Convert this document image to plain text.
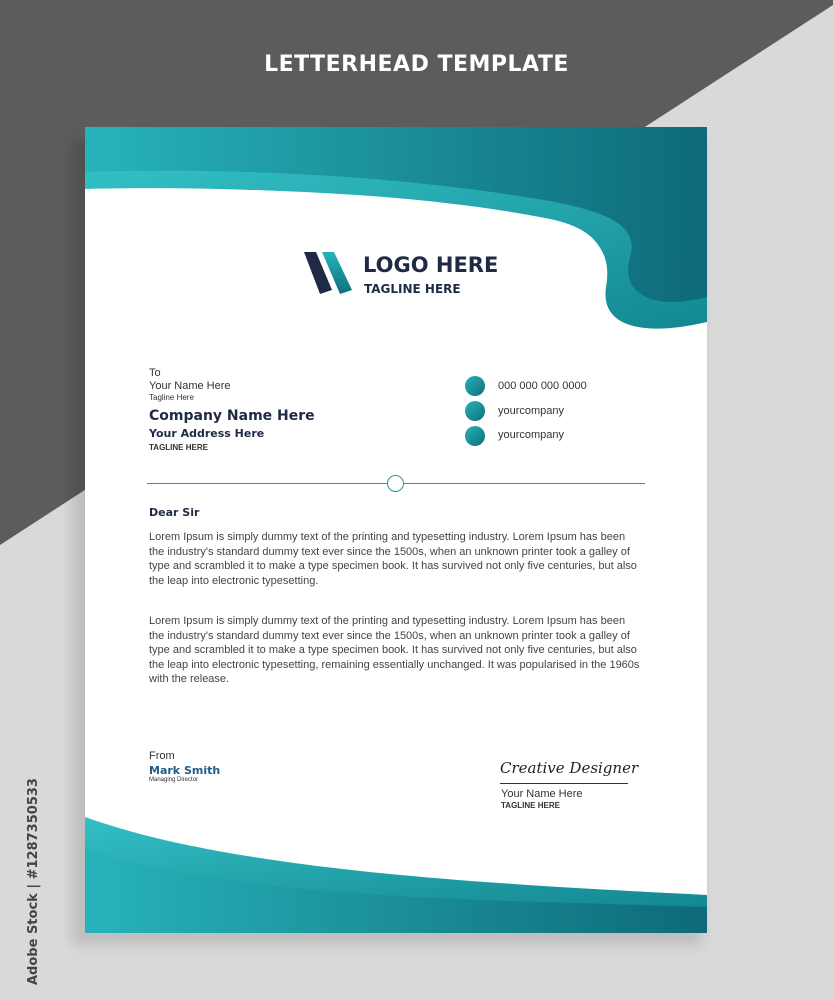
LETTERHEAD TEMPLATE
LOGO HERE
TAGLINE HERE
To
Your Name Here
Tagline Here
Company Name Here
Your Address Here
TAGLINE HERE
000 000 000 0000
yourcompany
yourcompany
Dear Sir
Lorem Ipsum is simply dummy text of the printing and typesetting industry. Lorem Ipsum has been the industry's standard dummy text ever since the 1500s, when an unknown printer took a galley of type and scrambled it to make a type specimen book. It has survived not only five centuries, but also the leap into electronic typesetting.
Lorem Ipsum is simply dummy text of the printing and typesetting industry. Lorem Ipsum has been the industry's standard dummy text ever since the 1500s, when an unknown printer took a galley of type and scrambled it to make a type specimen book. It has survived not only five centuries, but also the leap into electronic typesetting, remaining essentially unchanged. It was popularised in the 1960s with the release.
From
Mark Smith
Managing Director
Creative Designer
Your Name Here
TAGLINE HERE
Adobe Stock | #1287350533
